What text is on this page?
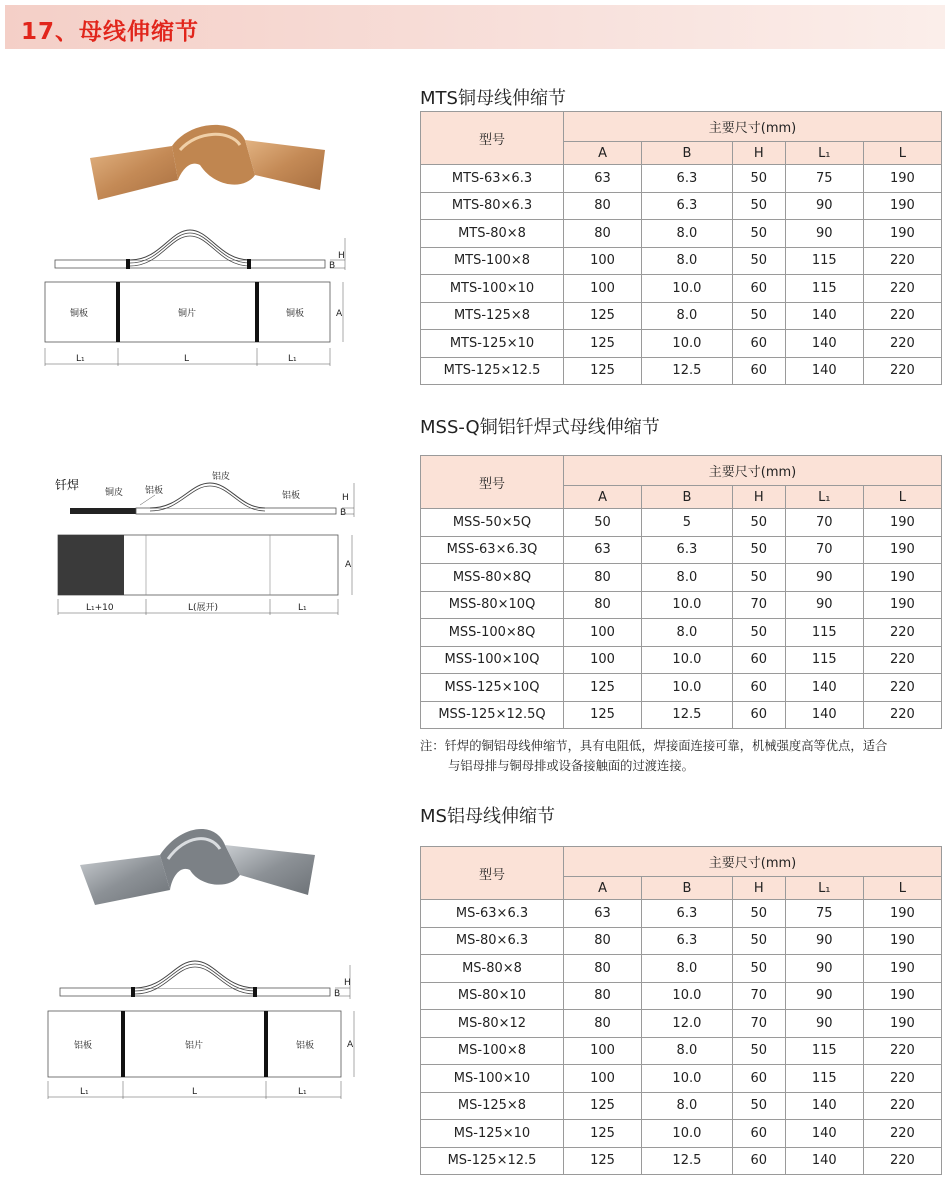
17、母线伸缩节
MTS铜母线伸缩节
MSS-Q铜铝钎焊式母线伸缩节
MS铝母线伸缩节
型号	主要尺寸(mm)				
	A	B	H	L₁	L
MTS-63×6.3	63	6.3	50	75	190
MTS-80×6.3	80	6.3	50	90	190
MTS-80×8	80	8.0	50	90	190
MTS-100×8	100	8.0	50	115	220
MTS-100×10	100	10.0	60	115	220
MTS-125×8	125	8.0	50	140	220
MTS-125×10	125	10.0	60	140	220
MTS-125×12.5	125	12.5	60	140	220
型号	主要尺寸(mm)				
	A	B	H	L₁	L
MSS-50×5Q	50	5	50	70	190
MSS-63×6.3Q	63	6.3	50	70	190
MSS-80×8Q	80	8.0	50	90	190
MSS-80×10Q	80	10.0	70	90	190
MSS-100×8Q	100	8.0	50	115	220
MSS-100×10Q	100	10.0	60	115	220
MSS-125×10Q	125	10.0	60	140	220
MSS-125×12.5Q	125	12.5	60	140	220
型号	主要尺寸(mm)				
	A	B	H	L₁	L
MS-63×6.3	63	6.3	50	75	190
MS-80×6.3	80	6.3	50	90	190
MS-80×8	80	8.0	50	90	190
MS-80×10	80	10.0	70	90	190
MS-80×12	80	12.0	70	90	190
MS-100×8	100	8.0	50	115	220
MS-100×10	100	10.0	60	115	220
MS-125×8	125	8.0	50	140	220
MS-125×10	125	10.0	60	140	220
MS-125×12.5	125	12.5	60	140	220
注：钎焊的铜铝母线伸缩节，具有电阻低，焊接面连接可靠，机械强度高等优点，适合
与铝母排与铜母排或设备接触面的过渡连接。
B
H
铜板	铜片	铜板	A
L₁	L	L₁
钎焊
铜皮 铝板
铝皮
铝板
B
H
A
L₁+10	L(展开)	L₁
B
H
铝板	铝片	铝板	A
L₁	L	L₁
